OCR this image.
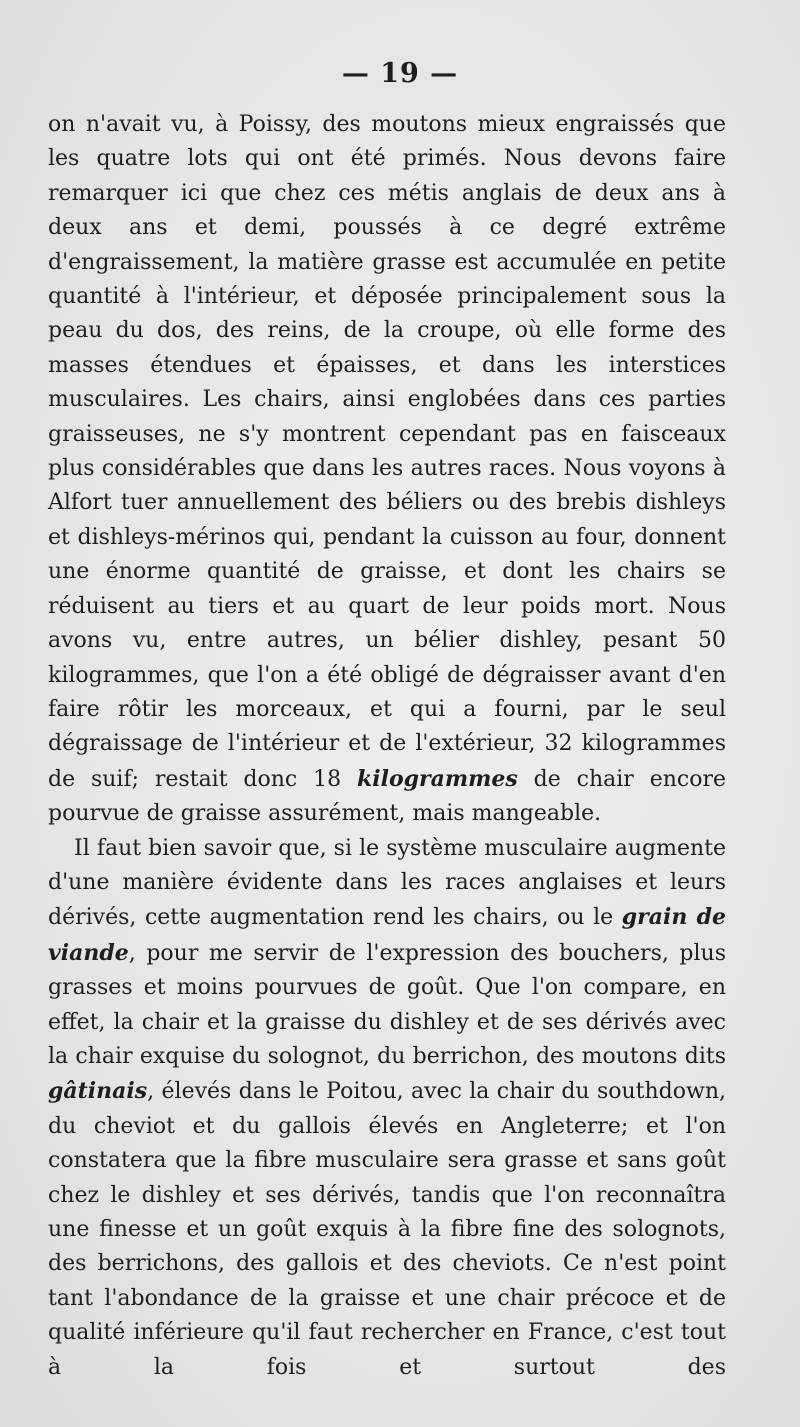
— 19 —

on n'avait vu, à Poissy, des moutons mieux engraissés que les quatre lots qui ont été primés. Nous devons faire remarquer ici que chez ces métis anglais de deux ans à deux ans et demi, poussés à ce degré extrême d'engraissement, la matière grasse est accumulée en petite quantité à l'intérieur, et déposée principalement sous la peau du dos, des reins, de la croupe, où elle forme des masses étendues et épaisses, et dans les interstices musculaires. Les chairs, ainsi englobées dans ces parties graisseuses, ne s'y montrent cependant pas en faisceaux plus considérables que dans les autres races. Nous voyons à Alfort tuer annuellement des béliers ou des brebis dishleys et dishleys-mérinos qui, pendant la cuisson au four, donnent une énorme quantité de graisse, et dont les chairs se réduisent au tiers et au quart de leur poids mort. Nous avons vu, entre autres, un bélier dishley, pesant 50 kilogrammes, que l'on a été obligé de dégraisser avant d'en faire rôtir les morceaux, et qui a fourni, par le seul dégraissage de l'intérieur et de l'extérieur, 32 kilogrammes de suif; restait donc 18 kilogrammes de chair encore pourvue de graisse assurément, mais mangeable.

Il faut bien savoir que, si le système musculaire augmente d'une manière évidente dans les races anglaises et leurs dérivés, cette augmentation rend les chairs, ou le grain de viande, pour me servir de l'expression des bouchers, plus grasses et moins pourvues de goût. Que l'on compare, en effet, la chair et la graisse du dishley et de ses dérivés avec la chair exquise du solognot, du berrichon, des moutons dits gâtinais, élevés dans le Poitou, avec la chair du southdown, du cheviot et du gallois élevés en Angleterre; et l'on constatera que la fibre musculaire sera grasse et sans goût chez le dishley et ses dérivés, tandis que l'on reconnaîtra une finesse et un goût exquis à la fibre fine des solognots, des berrichons, des gallois et des cheviots. Ce n'est point tant l'abondance de la graisse et une chair précoce et de qualité inférieure qu'il faut rechercher en France, c'est tout à la fois et surtout des
